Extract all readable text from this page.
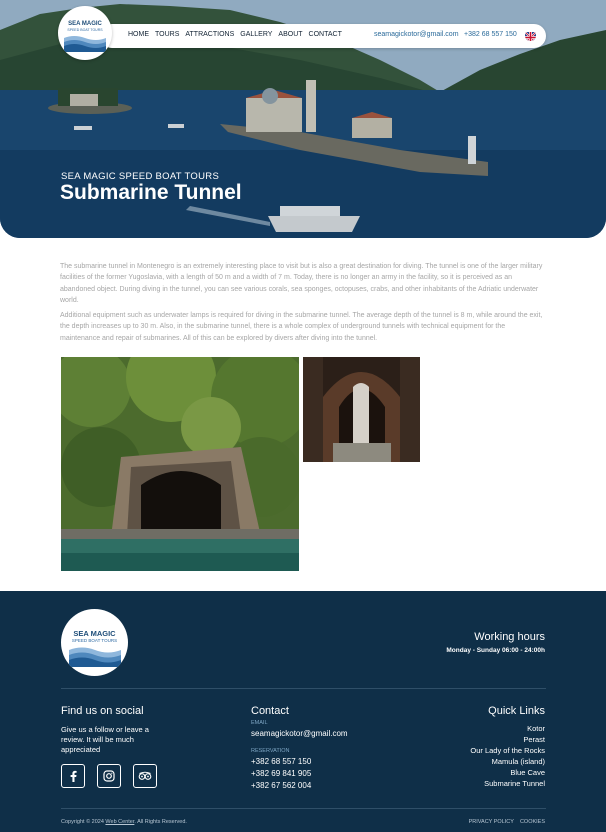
SEA MAGIC SPEED BOAT TOURS
Submarine Tunnel
HOME TOURS ATTRACTIONS GALLERY ABOUT CONTACT	seamagickotor@gmail.com +382 68 557 150
SEA MAGIC
SPEED BOAT TOURS

The submarine tunnel in Montenegro is an extremely interesting place to visit but is also a great destination for diving. The tunnel is one of the larger military facilities of the former Yugoslavia, with a length of 50 m and a width of 7 m. Today, there is no longer an army in the facility, so it is perceived as an abandoned object. During diving in the tunnel, you can see various corals, sea sponges, octopuses, crabs, and other inhabitants of the Adriatic underwater world.

Additional equipment such as underwater lamps is required for diving in the submarine tunnel. The average depth of the tunnel is 8 m, while around the exit, the depth increases up to 30 m. Also, in the submarine tunnel, there is a whole complex of underground tunnels with technical equipment for the maintenance and repair of submarines. All of this can be explored by divers after diving into the tunnel.

SEA MAGIC
SPEED BOAT TOURS	Working hours
Monday - Sunday 06:00 - 24:00h
Find us on social
Give us a follow or leave a review. It will be much appreciated
Contact
EMAIL
seamagickotor@gmail.com
RESERVATION
+382 68 557 150
+382 69 841 905
+382 67 562 004
Quick Links
Kotor
Perast
Our Lady of the Rocks
Mamula (island)
Blue Cave
Submarine Tunnel
Copyright © 2024 Web Center. All Rights Reserved.	PRIVACY POLICY COOKIES
